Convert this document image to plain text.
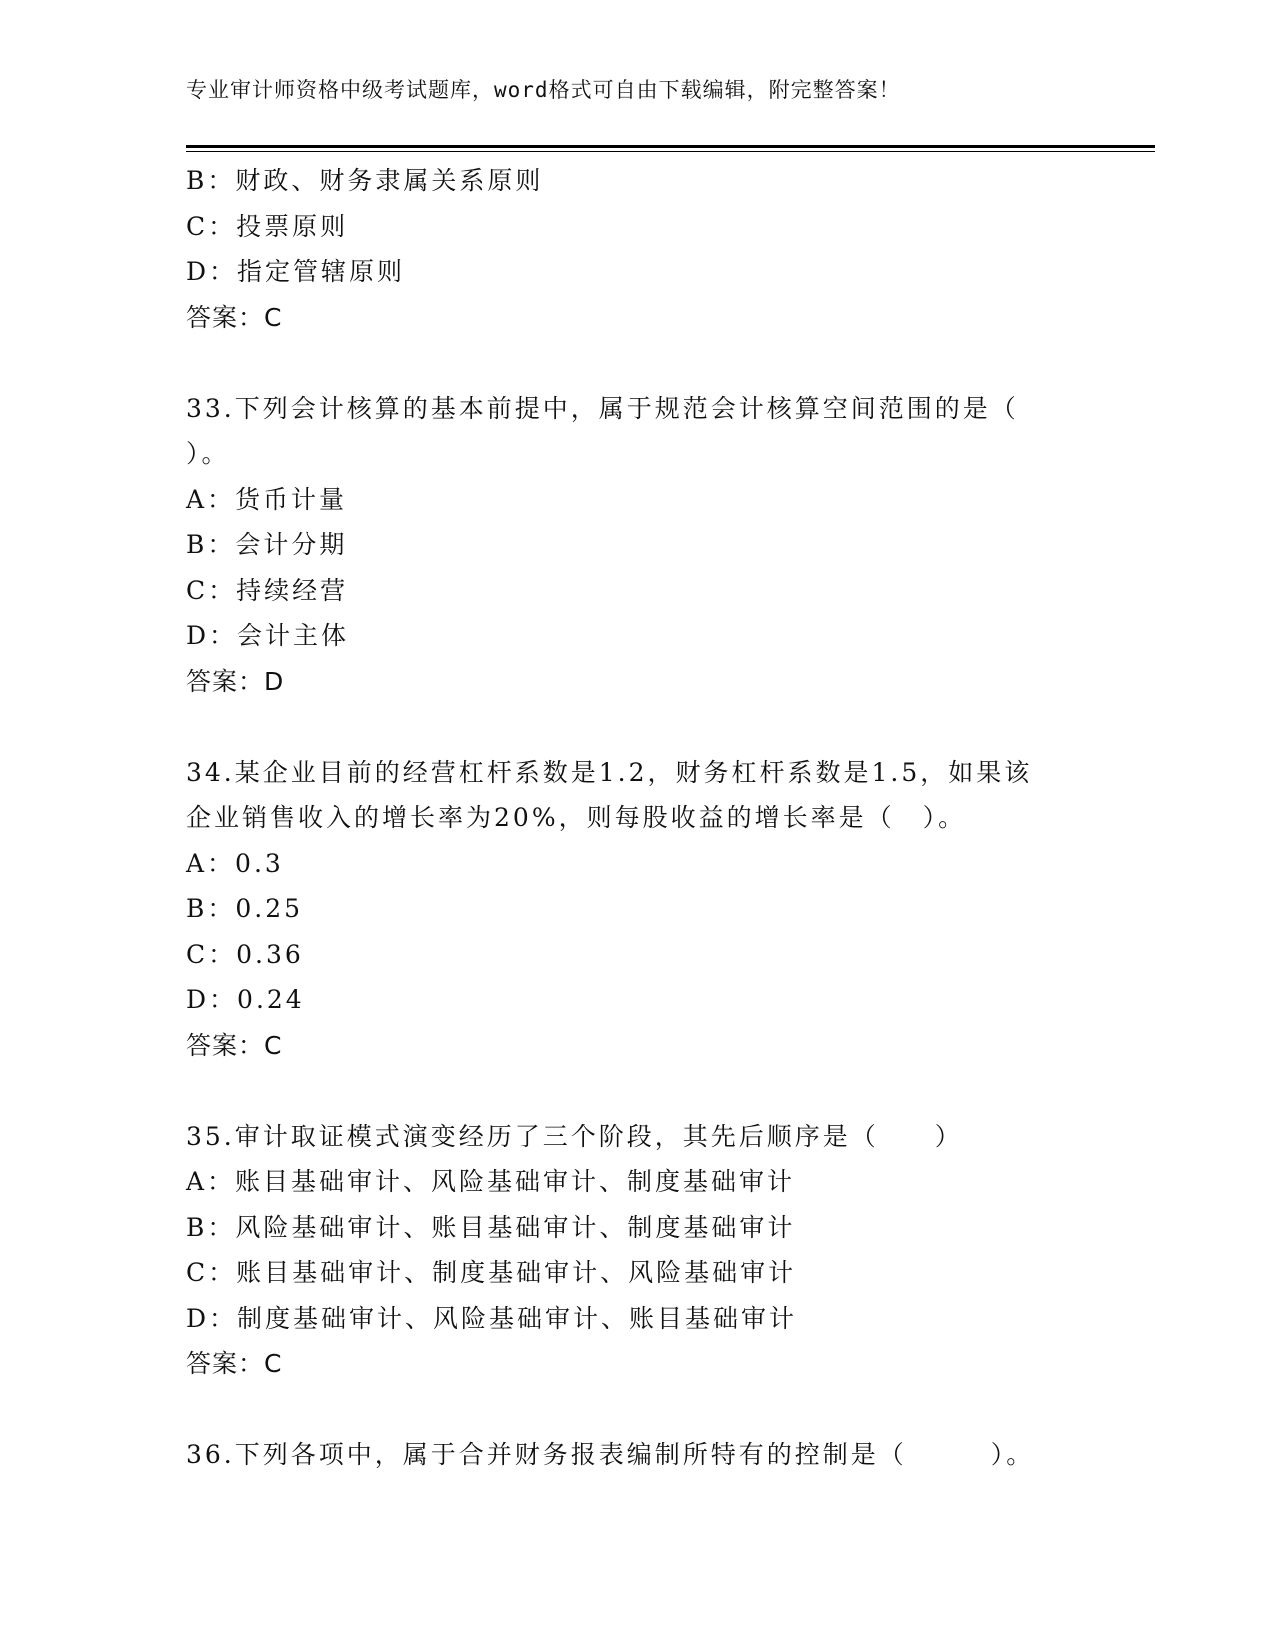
专业审计师资格中级考试题库，word格式可自由下载编辑，附完整答案！
B：财政、财务隶属关系原则
C：投票原则
D：指定管辖原则
答案：C
33.下列会计核算的基本前提中，属于规范会计核算空间范围的是（
）。
A：货币计量
B：会计分期
C：持续经营
D：会计主体
答案：D
34.某企业目前的经营杠杆系数是1.2，财务杠杆系数是1.5，如果该
企业销售收入的增长率为20%，则每股收益的增长率是（　）。
A：0.3
B：0.25
C：0.36
D：0.24
答案：C
35.审计取证模式演变经历了三个阶段，其先后顺序是（　　）
A：账目基础审计、风险基础审计、制度基础审计
B：风险基础审计、账目基础审计、制度基础审计
C：账目基础审计、制度基础审计、风险基础审计
D：制度基础审计、风险基础审计、账目基础审计
答案：C
36.下列各项中，属于合并财务报表编制所特有的控制是（　　　）。
